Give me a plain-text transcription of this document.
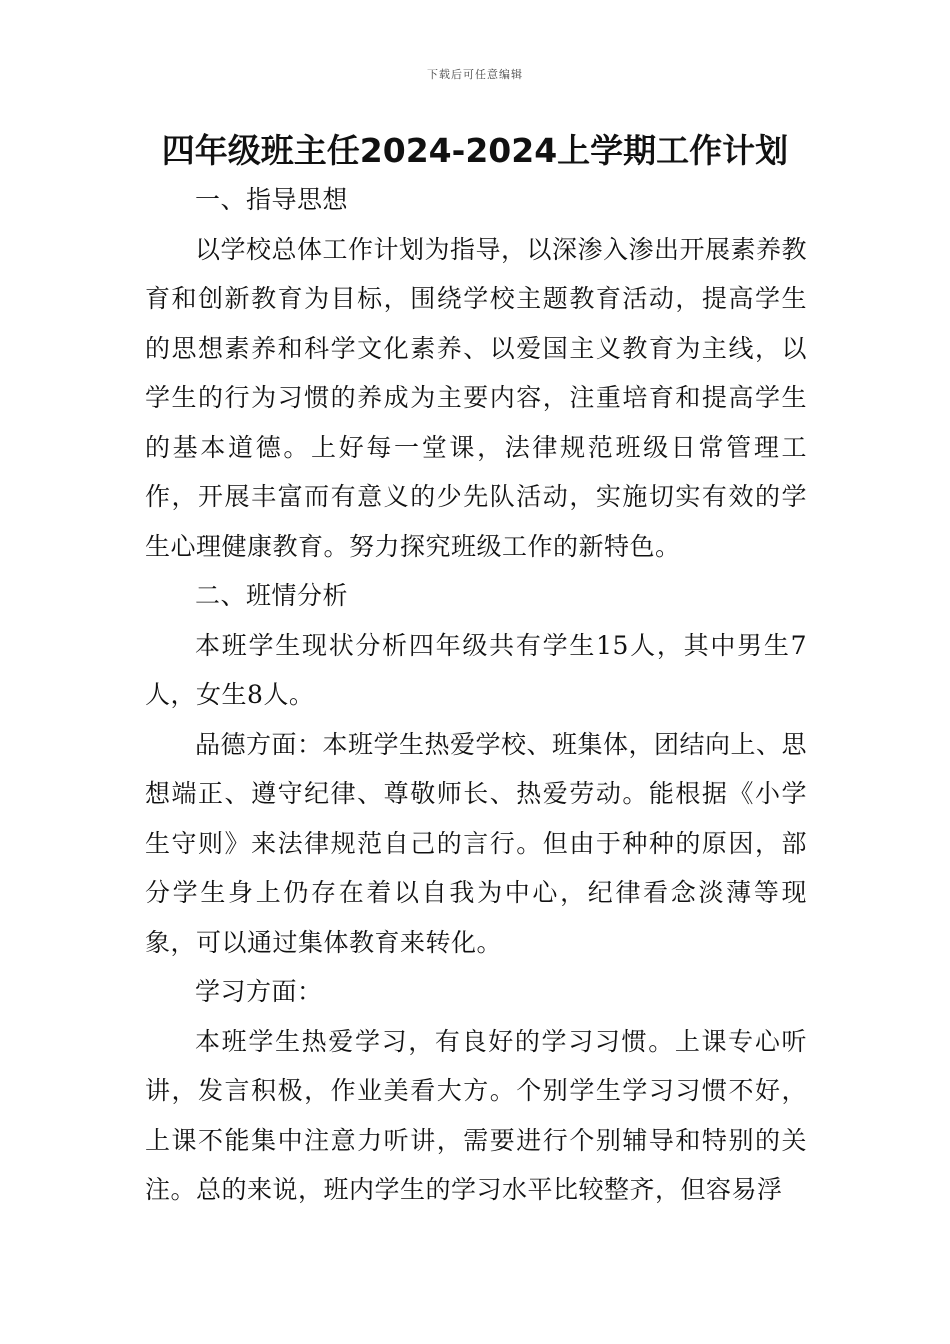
下载后可任意编辑
四年级班主任2024-2024上学期工作计划

一、指导思想

以学校总体工作计划为指导，以深渗入渗出开展素养教育和创新教育为目标，围绕学校主题教育活动，提高学生的思想素养和科学文化素养、以爱国主义教育为主线，以学生的行为习惯的养成为主要内容，注重培育和提高学生的基本道德。上好每一堂课，法律规范班级日常管理工作，开展丰富而有意义的少先队活动，实施切实有效的学生心理健康教育。努力探究班级工作的新特色。

二、班情分析

本班学生现状分析四年级共有学生15人，其中男生7人，女生8人。

品德方面：本班学生热爱学校、班集体，团结向上、思想端正、遵守纪律、尊敬师长、热爱劳动。能根据《小学生守则》来法律规范自己的言行。但由于种种的原因，部分学生身上仍存在着以自我为中心，纪律看念淡薄等现象，可以通过集体教育来转化。

学习方面：

本班学生热爱学习，有良好的学习习惯。上课专心听讲，发言积极，作业美看大方。个别学生学习习惯不好，上课不能集中注意力听讲，需要进行个别辅导和特别的关注。总的来说，班内学生的学习水平比较整齐，但容易浮
